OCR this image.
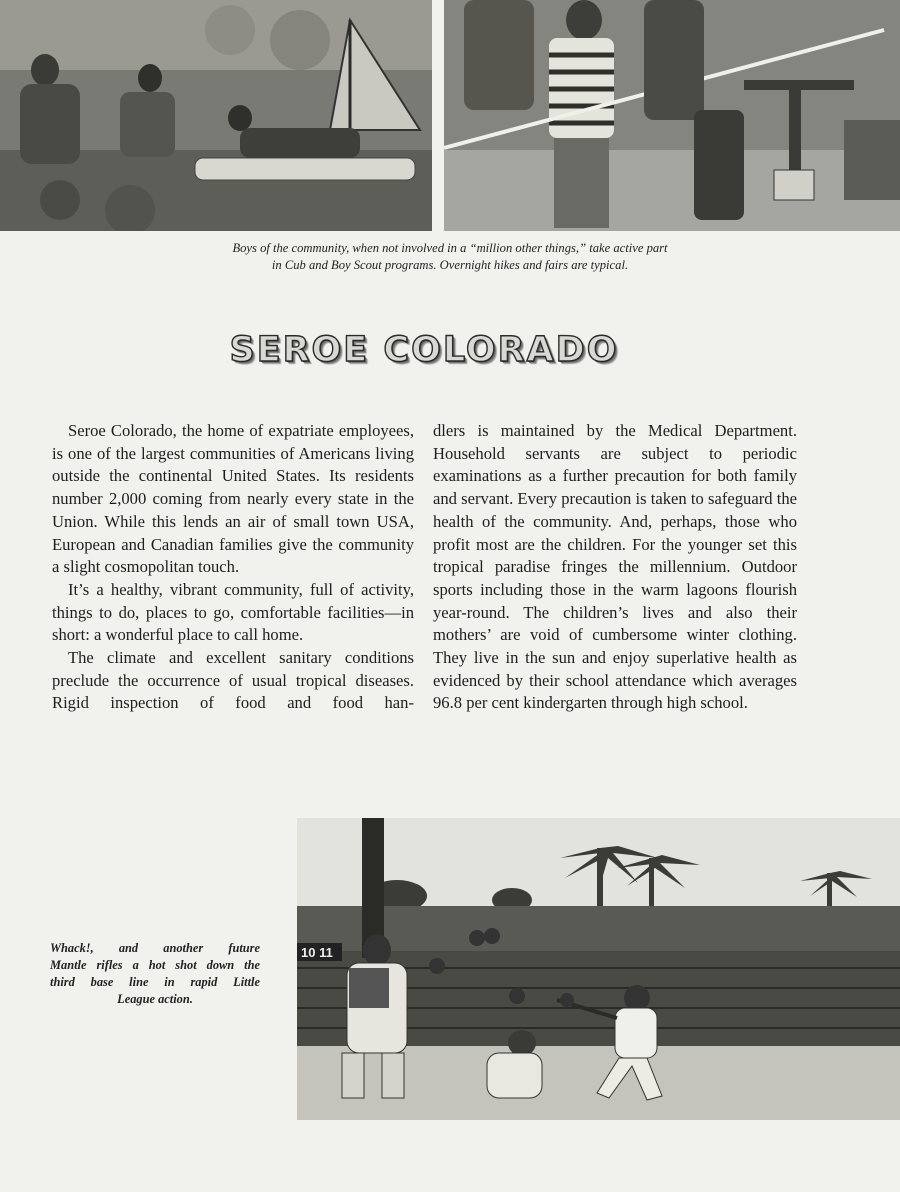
Boys of the community, when not involved in a “million other things,” take active part
in Cub and Boy Scout programs. Overnight hikes and fairs are typical.
SEROE COLORADO

Seroe Colorado, the home of expatriate employees, is one of the largest communities of Americans living outside the continental United States. Its residents number 2,000 coming from nearly every state in the Union. While this lends an air of small town USA, European and Canadian families give the community a slight cosmopolitan touch.

It’s a healthy, vibrant community, full of activity, things to do, places to go, comfortable facilities—in short: a wonderful place to call home.

The climate and excellent sanitary conditions preclude the occurrence of usual tropical diseases. Rigid inspection of food and food han-

dlers is maintained by the Medical Department. Household servants are subject to periodic examinations as a further precaution for both family and servant. Every precaution is taken to safeguard the health of the community. And, perhaps, those who profit most are the children. For the younger set this tropical paradise fringes the millennium. Outdoor sports including those in the warm lagoons flourish year-round. The children’s lives and also their mothers’ are void of cumbersome winter clothing. They live in the sun and enjoy superlative health as evidenced by their school attendance which averages 96.8 per cent kindergarten through high school.

10 11
Whack!, and another future
Mantle rifles a hot shot down the
third base line in rapid Little
League action.
